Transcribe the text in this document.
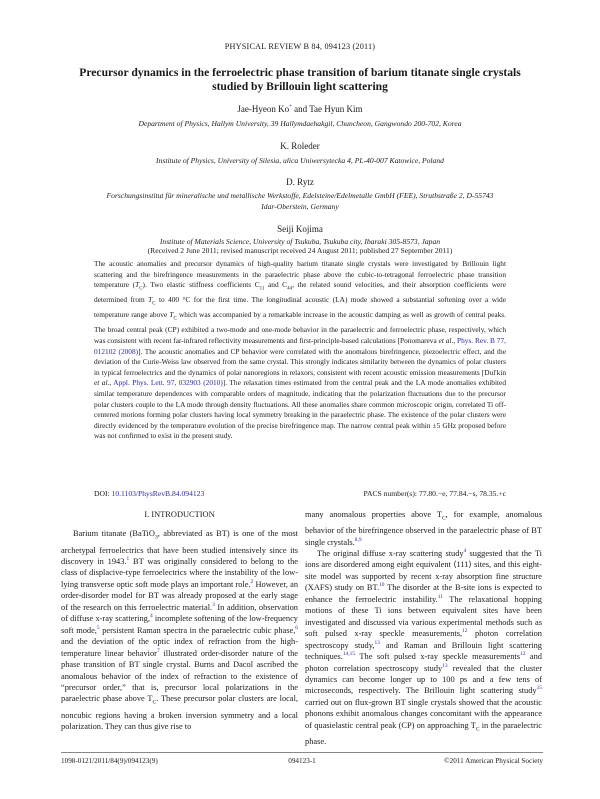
PHYSICAL REVIEW B 84, 094123 (2011)
Precursor dynamics in the ferroelectric phase transition of barium titanate single crystals studied by Brillouin light scattering
Jae-Hyeon Ko* and Tae Hyun Kim
Department of Physics, Hallym University, 39 Hallymdaehakgil, Chuncheon, Gangwondo 200-702, Korea
K. Roleder
Institute of Physics, University of Silesia, ulica Uniwersytecka 4, PL-40-007 Katowice, Poland
D. Rytz
Forschungsinstitut für mineralische und metallische Werkstoffe, Edelsteine/Edelmetalle GmbH (FEE), Struthstraße 2, D-55743 Idar-Oberstein, Germany
Seiji Kojima
Institute of Materials Science, University of Tsukuba, Tsukuba city, Ibaraki 305-8573, Japan
(Received 2 June 2011; revised manuscript received 24 August 2011; published 27 September 2011)

The acoustic anomalies and precursor dynamics of high-quality barium titanate single crystals were investigated by Brillouin light scattering and the birefringence measurements in the paraelectric phase above the cubic-to-tetragonal ferroelectric phase transition temperature $(T_C)$. Two elastic stiffness coefficients $C_{11}$ and $C_{44}$, the related sound velocities, and their absorption coefficients were determined from $T_C$ to 400 °C for the first time. The longitudinal acoustic (LA) mode showed a substantial softening over a wide temperature range above $T_C$ which was accompanied by a remarkable increase in the acoustic damping as well as growth of central peaks. The broad central peak (CP) exhibited a two-mode and one-mode behavior in the paraelectric and ferroelectric phase, respectively, which was consistent with recent far-infrared reflectivity measurements and first-principle-based calculations [Ponomareva et al., Phys. Rev. B 77, 012102 (2008)]. The acoustic anomalies and CP behavior were correlated with the anomalous birefringence, piezoelectric effect, and the deviation of the Curie-Weiss law observed from the same crystal. This strongly indicates similarity between the dynamics of polar clusters in typical ferroelectrics and the dynamics of polar nanoregions in relaxors, consistent with recent acoustic emission measurements [Dul'kin et al., Appl. Phys. Lett. 97, 032903 (2010)]. The relaxation times estimated from the central peak and the LA mode anomalies exhibited similar temperature dependences with comparable orders of magnitude, indicating that the polarization fluctuations due to the precursor polar clusters couple to the LA mode through density fluctuations. All these anomalies share common microscopic origin, correlated Ti off-centered motions forming polar clusters having local symmetry breaking in the paraelectric phase. The existence of the polar clusters were directly evidenced by the temperature evolution of the precise birefringence map. The narrow central peak within ±5 GHz proposed before was not confirmed to exist in the present study.

DOI: 10.1103/PhysRevB.84.094123	PACS number(s): 77.80.−e, 77.84.−s, 78.35.+c

I. INTRODUCTION

Barium titanate (BaTiO$_3$, abbreviated as BT) is one of the most archetypal ferroelectrics that have been studied intensively since its discovery in 1943.$^1$ BT was originally considered to belong to the class of displacive-type ferroelectrics where the instability of the low-lying transverse optic soft mode plays an important role.$^2$ However, an order-disorder model for BT was already proposed at the early stage of the research on this ferroelectric material.$^3$ In addition, observation of diffuse x-ray scattering,$^4$ incomplete softening of the low-frequency soft mode,$^5$ persistent Raman spectra in the paraelectric cubic phase,$^6$ and the deviation of the optic index of refraction from the high-temperature linear behavior$^7$ illustrated order-disorder nature of the phase transition of BT single crystal. Burns and Dacol ascribed the anomalous behavior of the index of refraction to the existence of “precursor order,” that is, precursor local polarizations in the paraelectric phase above $T_C$. These precursor polar clusters are local, noncubic regions having a broken inversion symmetry and a local polarization. They can thus give rise to

many anomalous properties above $T_C$, for example, anomalous behavior of the birefringence observed in the paraelectric phase of BT single crystals.$^{8,9}$

The original diffuse x-ray scattering study$^4$ suggested that the Ti ions are disordered among eight equivalent ⟨111⟩ sites, and this eight-site model was supported by recent x-ray absorption fine structure (XAFS) study on BT.$^{10}$ The disorder at the B-site ions is expected to enhance the ferroelectric instability.$^{11}$ The relaxational hopping motions of these Ti ions between equivalent sites have been investigated and discussed via various experimental methods such as soft pulsed x-ray speckle measurements,$^{12}$ photon correlation spectroscopy study,$^{13}$ and Raman and Brillouin light scattering techniques.$^{14,15}$ The soft pulsed x-ray speckle measurements$^{12}$ and photon correlation spectroscopy study$^{13}$ revealed that the cluster dynamics can become longer up to 100 ps and a few tens of microseconds, respectively. The Brillouin light scattering study$^{15}$ carried out on flux-grown BT single crystals showed that the acoustic phonons exhibit anomalous changes concomitant with the appearance of quasielastic central peak (CP) on approaching $T_C$ in the paraelectric phase.

1098-0121/2011/84(9)/094123(9)	094123-1	©2011 American Physical Society
